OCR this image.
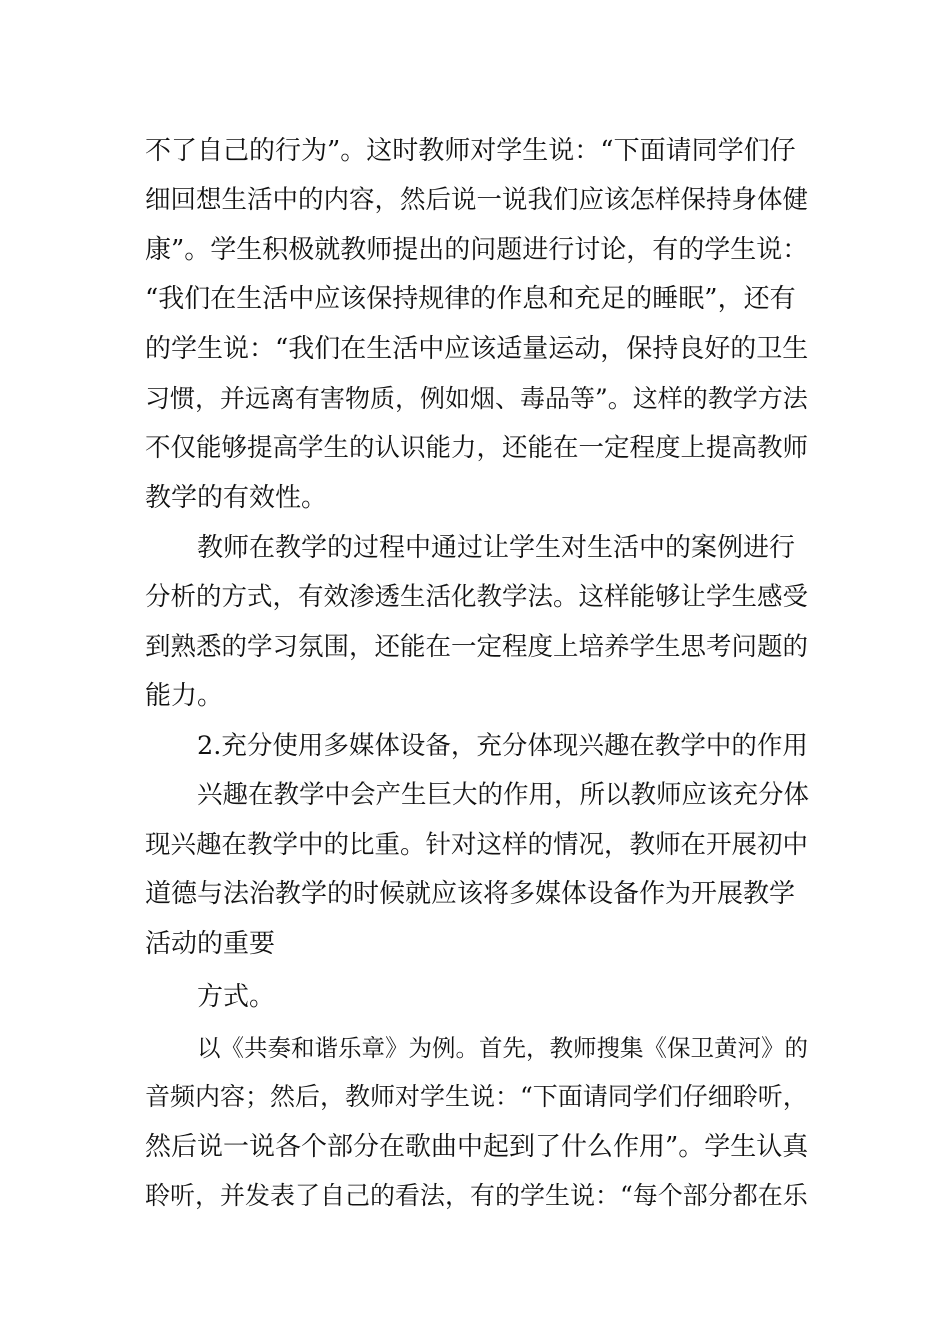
不了自己的行为”。这时教师对学生说：“下面请同学们仔
细回想生活中的内容，然后说一说我们应该怎样保持身体健
康”。学生积极就教师提出的问题进行讨论，有的学生说：
“我们在生活中应该保持规律的作息和充足的睡眠”，还有
的学生说：“我们在生活中应该适量运动，保持良好的卫生
习惯，并远离有害物质，例如烟、毒品等”。这样的教学方法
不仅能够提高学生的认识能力，还能在一定程度上提高教师
教学的有效性。
教师在教学的过程中通过让学生对生活中的案例进行
分析的方式，有效渗透生活化教学法。这样能够让学生感受
到熟悉的学习氛围，还能在一定程度上培养学生思考问题的
能力。
2.充分使用多媒体设备，充分体现兴趣在教学中的作用
兴趣在教学中会产生巨大的作用，所以教师应该充分体
现兴趣在教学中的比重。针对这样的情况，教师在开展初中
道德与法治教学的时候就应该将多媒体设备作为开展教学
活动的重要
方式。
以《共奏和谐乐章》为例。首先，教师搜集《保卫黄河》的
音频内容；然后，教师对学生说：“下面请同学们仔细聆听，
然后说一说各个部分在歌曲中起到了什么作用”。学生认真
聆听，并发表了自己的看法，有的学生说：“每个部分都在乐
